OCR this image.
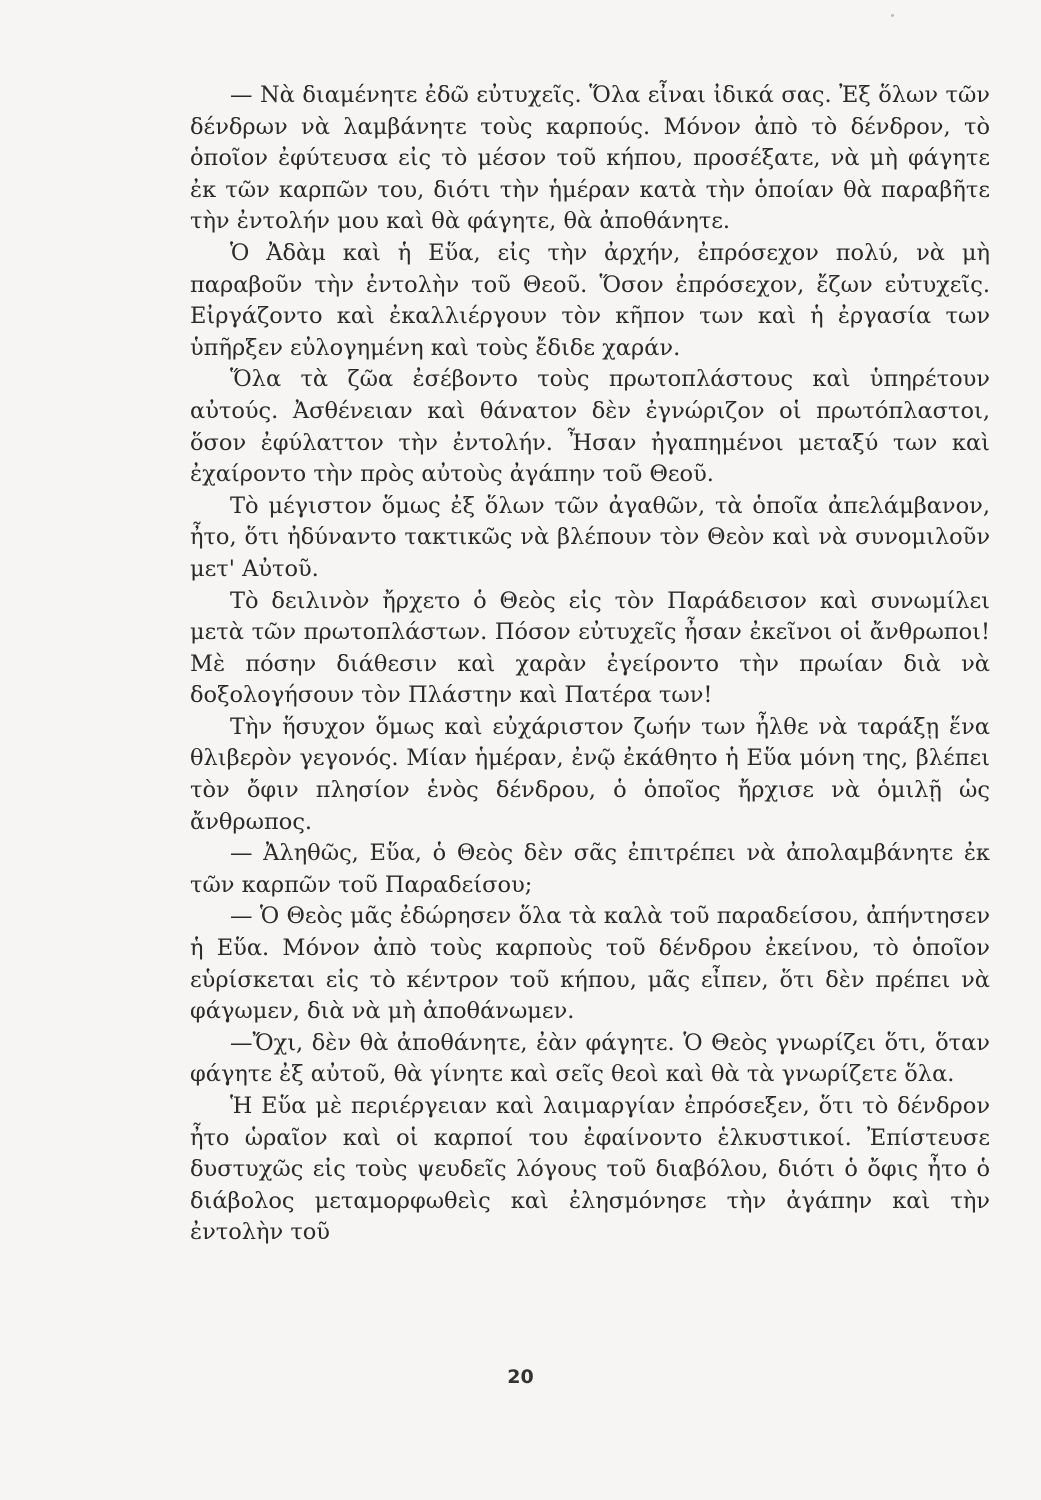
— Νὰ διαμένητε ἐδῶ εὐτυχεῖς. Ὅλα εἶναι ἰδικά σας. Ἐξ ὅλων τῶν δένδρων νὰ λαμβάνητε τοὺς καρπούς. Μόνον ἀπὸ τὸ δένδρον, τὸ ὁποῖον ἐφύτευσα εἰς τὸ μέσον τοῦ κήπου, προσέξατε, νὰ μὴ φάγητε ἐκ τῶν καρπῶν του, διότι τὴν ἡμέραν κατὰ τὴν ὁποίαν θὰ παραβῆτε τὴν ἐντολήν μου καὶ θὰ φάγητε, θὰ ἀποθάνητε.

Ὁ Ἀδὰμ καὶ ἡ Εὕα, εἰς τὴν ἀρχήν, ἐπρόσεχον πολύ, νὰ μὴ παραβοῦν τὴν ἐντολὴν τοῦ Θεοῦ. Ὅσον ἐπρόσεχον, ἔζων εὐτυχεῖς. Εἰργάζοντο καὶ ἐκαλλιέργουν τὸν κῆπον των καὶ ἡ ἐργασία των ὑπῆρξεν εὐλογημένη καὶ τοὺς ἔδιδε χαράν.

Ὅλα τὰ ζῶα ἐσέβοντο τοὺς πρωτοπλάστους καὶ ὑπηρέτουν αὐτούς. Ἀσθένειαν καὶ θάνατον δὲν ἐγνώριζον οἱ πρωτόπλαστοι, ὅσον ἐφύλαττον τὴν ἐντολήν. Ἦσαν ἠγαπημένοι μεταξύ των καὶ ἐχαίροντο τὴν πρὸς αὐτοὺς ἀγάπην τοῦ Θεοῦ.

Τὸ μέγιστον ὅμως ἐξ ὅλων τῶν ἀγαθῶν, τὰ ὁποῖα ἀπελάμβανον, ἦτο, ὅτι ἠδύναντο τακτικῶς νὰ βλέπουν τὸν Θεὸν καὶ νὰ συνομιλοῦν μετ' Αὐτοῦ.

Τὸ δειλινὸν ἤρχετο ὁ Θεὸς εἰς τὸν Παράδεισον καὶ συνωμίλει μετὰ τῶν πρωτοπλάστων. Πόσον εὐτυχεῖς ἦσαν ἐκεῖνοι οἱ ἄνθρωποι! Μὲ πόσην διάθεσιν καὶ χαρὰν ἐγείροντο τὴν πρωίαν διὰ νὰ δοξολογήσουν τὸν Πλάστην καὶ Πατέρα των!

Τὴν ἥσυχον ὅμως καὶ εὐχάριστον ζωήν των ἦλθε νὰ ταράξῃ ἕνα θλιβερὸν γεγονός. Μίαν ἡμέραν, ἐνῷ ἐκάθητο ἡ Εὕα μόνη της, βλέπει τὸν ὄφιν πλησίον ἑνὸς δένδρου, ὁ ὁποῖος ἤρχισε νὰ ὁμιλῇ ὡς ἄνθρωπος.

— Ἀληθῶς, Εὕα, ὁ Θεὸς δὲν σᾶς ἐπιτρέπει νὰ ἀπολαμβάνητε ἐκ τῶν καρπῶν τοῦ Παραδείσου;

— Ὁ Θεὸς μᾶς ἐδώρησεν ὅλα τὰ καλὰ τοῦ παραδείσου, ἀπήντησεν ἡ Εὕα. Μόνον ἀπὸ τοὺς καρποὺς τοῦ δένδρου ἐκείνου, τὸ ὁποῖον εὑρίσκεται εἰς τὸ κέντρον τοῦ κήπου, μᾶς εἶπεν, ὅτι δὲν πρέπει νὰ φάγωμεν, διὰ νὰ μὴ ἀποθάνωμεν.

—Ὄχι, δὲν θὰ ἀποθάνητε, ἐὰν φάγητε. Ὁ Θεὸς γνωρίζει ὅτι, ὅταν φάγητε ἐξ αὐτοῦ, θὰ γίνητε καὶ σεῖς θεοὶ καὶ θὰ τὰ γνωρίζετε ὅλα.

Ἡ Εὕα μὲ περιέργειαν καὶ λαιμαργίαν ἐπρόσεξεν, ὅτι τὸ δένδρον ἦτο ὡραῖον καὶ οἱ καρποί του ἐφαίνοντο ἑλκυστικοί. Ἐπίστευσε δυστυχῶς εἰς τοὺς ψευδεῖς λόγους τοῦ διαβόλου, διότι ὁ ὄφις ἦτο ὁ διάβολος μεταμορφωθεὶς καὶ ἐλησμόνησε τὴν ἀγάπην καὶ τὴν ἐντολὴν τοῦ

20
